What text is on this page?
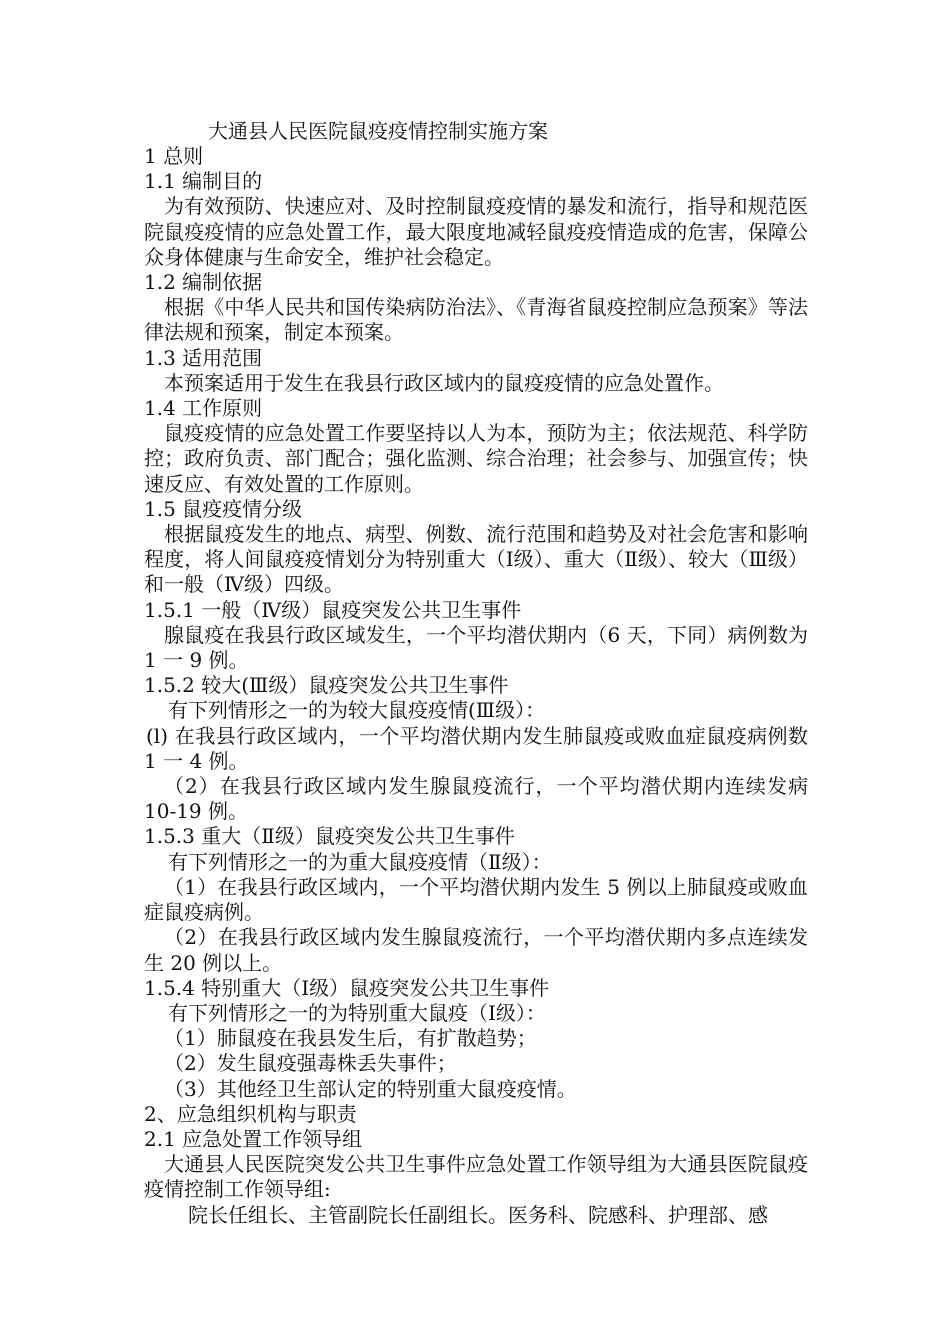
大通县人民医院鼠疫疫情控制实施方案
1 总则
1.1 编制目的

为有效预防、快速应对、及时控制鼠疫疫情的暴发和流行，指导和规范医院鼠疫疫情的应急处置工作，最大限度地减轻鼠疫疫情造成的危害，保障公众身体健康与生命安全，维护社会稳定。

1.2 编制依据

根据《中华人民共和国传染病防治法》、《青海省鼠疫控制应急预案》等法律法规和预案，制定本预案。

1.3 适用范围

本预案适用于发生在我县行政区域内的鼠疫疫情的应急处置作。

1.4 工作原则

鼠疫疫情的应急处置工作要坚持以人为本，预防为主；依法规范、科学防控；政府负责、部门配合；强化监测、综合治理；社会参与、加强宣传；快速反应、有效处置的工作原则。

1.5 鼠疫疫情分级

根据鼠疫发生的地点、病型、例数、流行范围和趋势及对社会危害和影响程度，将人间鼠疫疫情划分为特别重大（Ⅰ级）、重大（Ⅱ级）、较大（Ⅲ级）和一般（Ⅳ级）四级。

1.5.1 一般（Ⅳ级）鼠疫突发公共卫生事件

腺鼠疫在我县行政区域发生，一个平均潜伏期内（6 天，下同）病例数为 1 一 9 例。

1.5.2 较大(Ⅲ级）鼠疫突发公共卫生事件

有下列情形之一的为较大鼠疫疫情(Ⅲ级）：

(l) 在我县行政区域内，一个平均潜伏期内发生肺鼠疫或败血症鼠疫病例数 1 一 4 例。

（2）在我县行政区域内发生腺鼠疫流行，一个平均潜伏期内连续发病 10-19 例。

1.5.3 重大（Ⅱ级）鼠疫突发公共卫生事件

有下列情形之一的为重大鼠疫疫情（Ⅱ级）：

（1）在我县行政区域内，一个平均潜伏期内发生 5 例以上肺鼠疫或败血症鼠疫病例。

（2）在我县行政区域内发生腺鼠疫流行，一个平均潜伏期内多点连续发生 20 例以上。

1.5.4 特别重大（Ⅰ级）鼠疫突发公共卫生事件

有下列情形之一的为特别重大鼠疫（Ⅰ级）：

（1）肺鼠疫在我县发生后，有扩散趋势；

（2）发生鼠疫强毒株丢失事件；

（3）其他经卫生部认定的特别重大鼠疫疫情。

2、应急组织机构与职责
2.1 应急处置工作领导组

大通县人民医院突发公共卫生事件应急处置工作领导组为大通县医院鼠疫疫情控制工作领导组:

院长任组长、主管副院长任副组长。医务科、院感科、护理部、感
